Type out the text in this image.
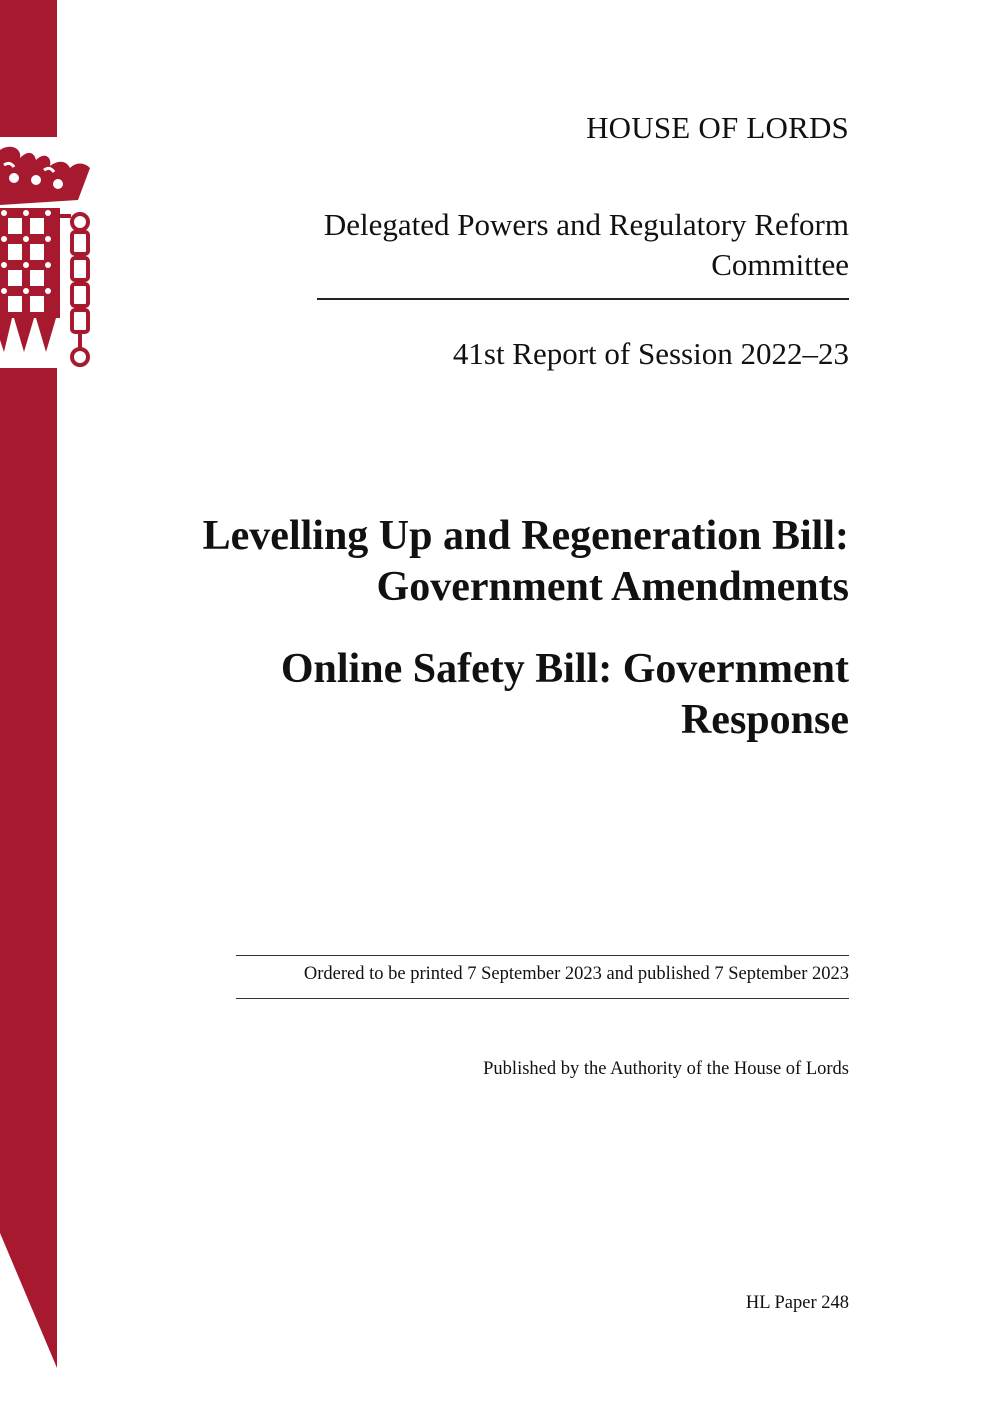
HOUSE OF LORDS
Delegated Powers and Regulatory Reform Committee
41st Report of Session 2022–23
Levelling Up and Regeneration Bill: Government Amendments
Online Safety Bill: Government Response
Ordered to be printed 7 September 2023 and published 7 September 2023
Published by the Authority of the House of Lords
HL Paper 248
